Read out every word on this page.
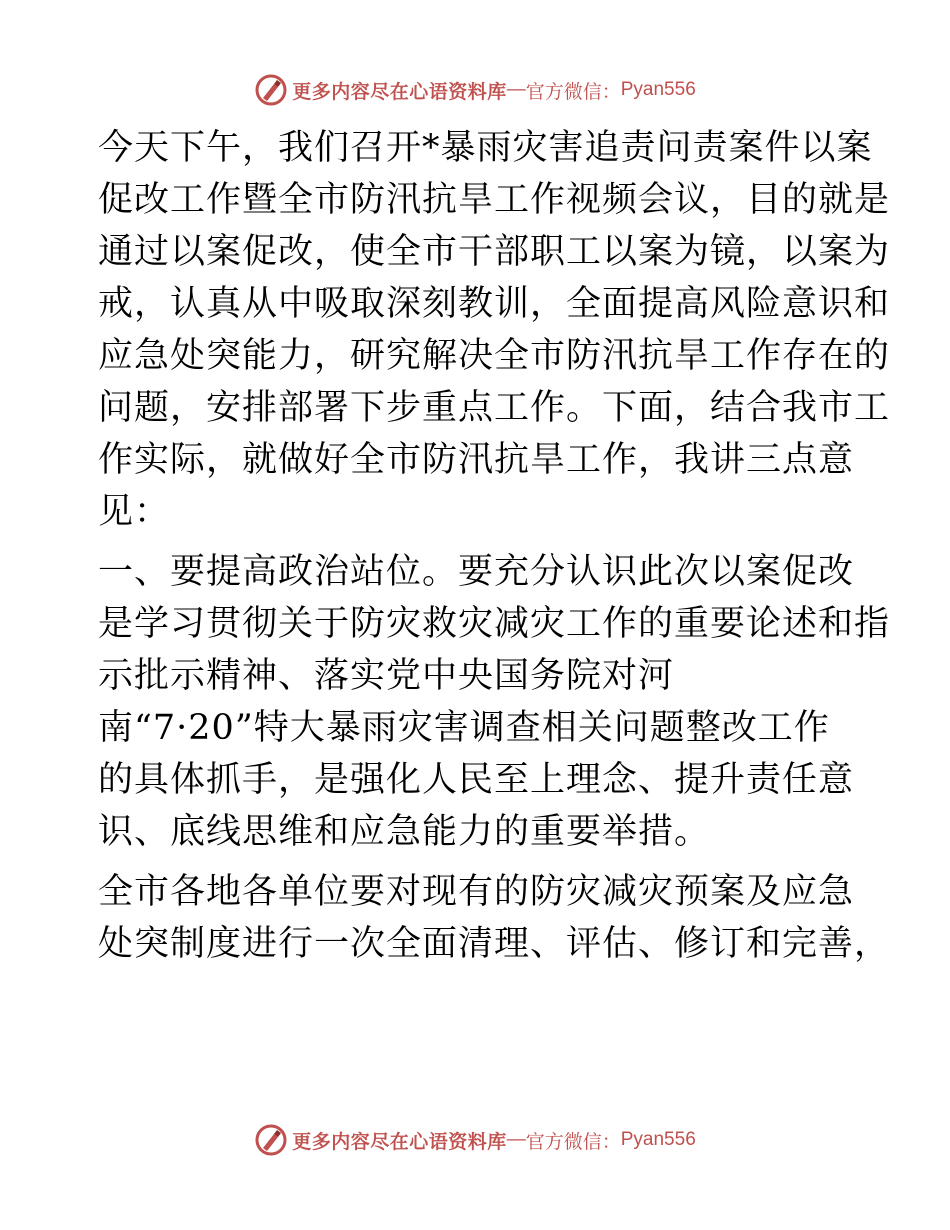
更多内容尽在心语资料库 — 官方微信： Pyan556

今天下午，我们召开*暴雨灾害追责问责案件以案
促改工作暨全市防汛抗旱工作视频会议，目的就是
通过以案促改，使全市干部职工以案为镜，以案为
戒，认真从中吸取深刻教训，全面提高风险意识和
应急处突能力，研究解决全市防汛抗旱工作存在的
问题，安排部署下步重点工作。下面，结合我市工
作实际，就做好全市防汛抗旱工作，我讲三点意
见：

一、要提高政治站位。要充分认识此次以案促改
是学习贯彻关于防灾救灾减灾工作的重要论述和指
示批示精神、落实党中央国务院对河
南“7·20”特大暴雨灾害调查相关问题整改工作
的具体抓手，是强化人民至上理念、提升责任意
识、底线思维和应急能力的重要举措。

全市各地各单位要对现有的防灾减灾预案及应急
处突制度进行一次全面清理、评估、修订和完善，

更多内容尽在心语资料库 — 官方微信： Pyan556
